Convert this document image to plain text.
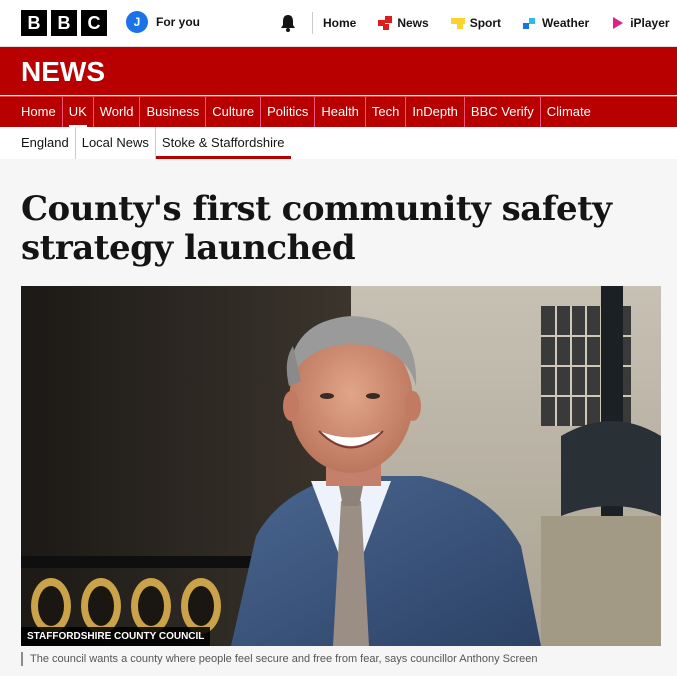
B B C	J	For you	Home	News	Sport	Weather	iPlayer
NEWS
Home	UK	World	Business	Culture	Politics	Health	Tech	InDepth	BBC Verify	Climate
England	Local News	Stoke & Staffordshire
County's first community safety strategy launched
STAFFORDSHIRE COUNTY COUNCIL
The council wants a county where people feel secure and free from fear, says councillor Anthony Screen
